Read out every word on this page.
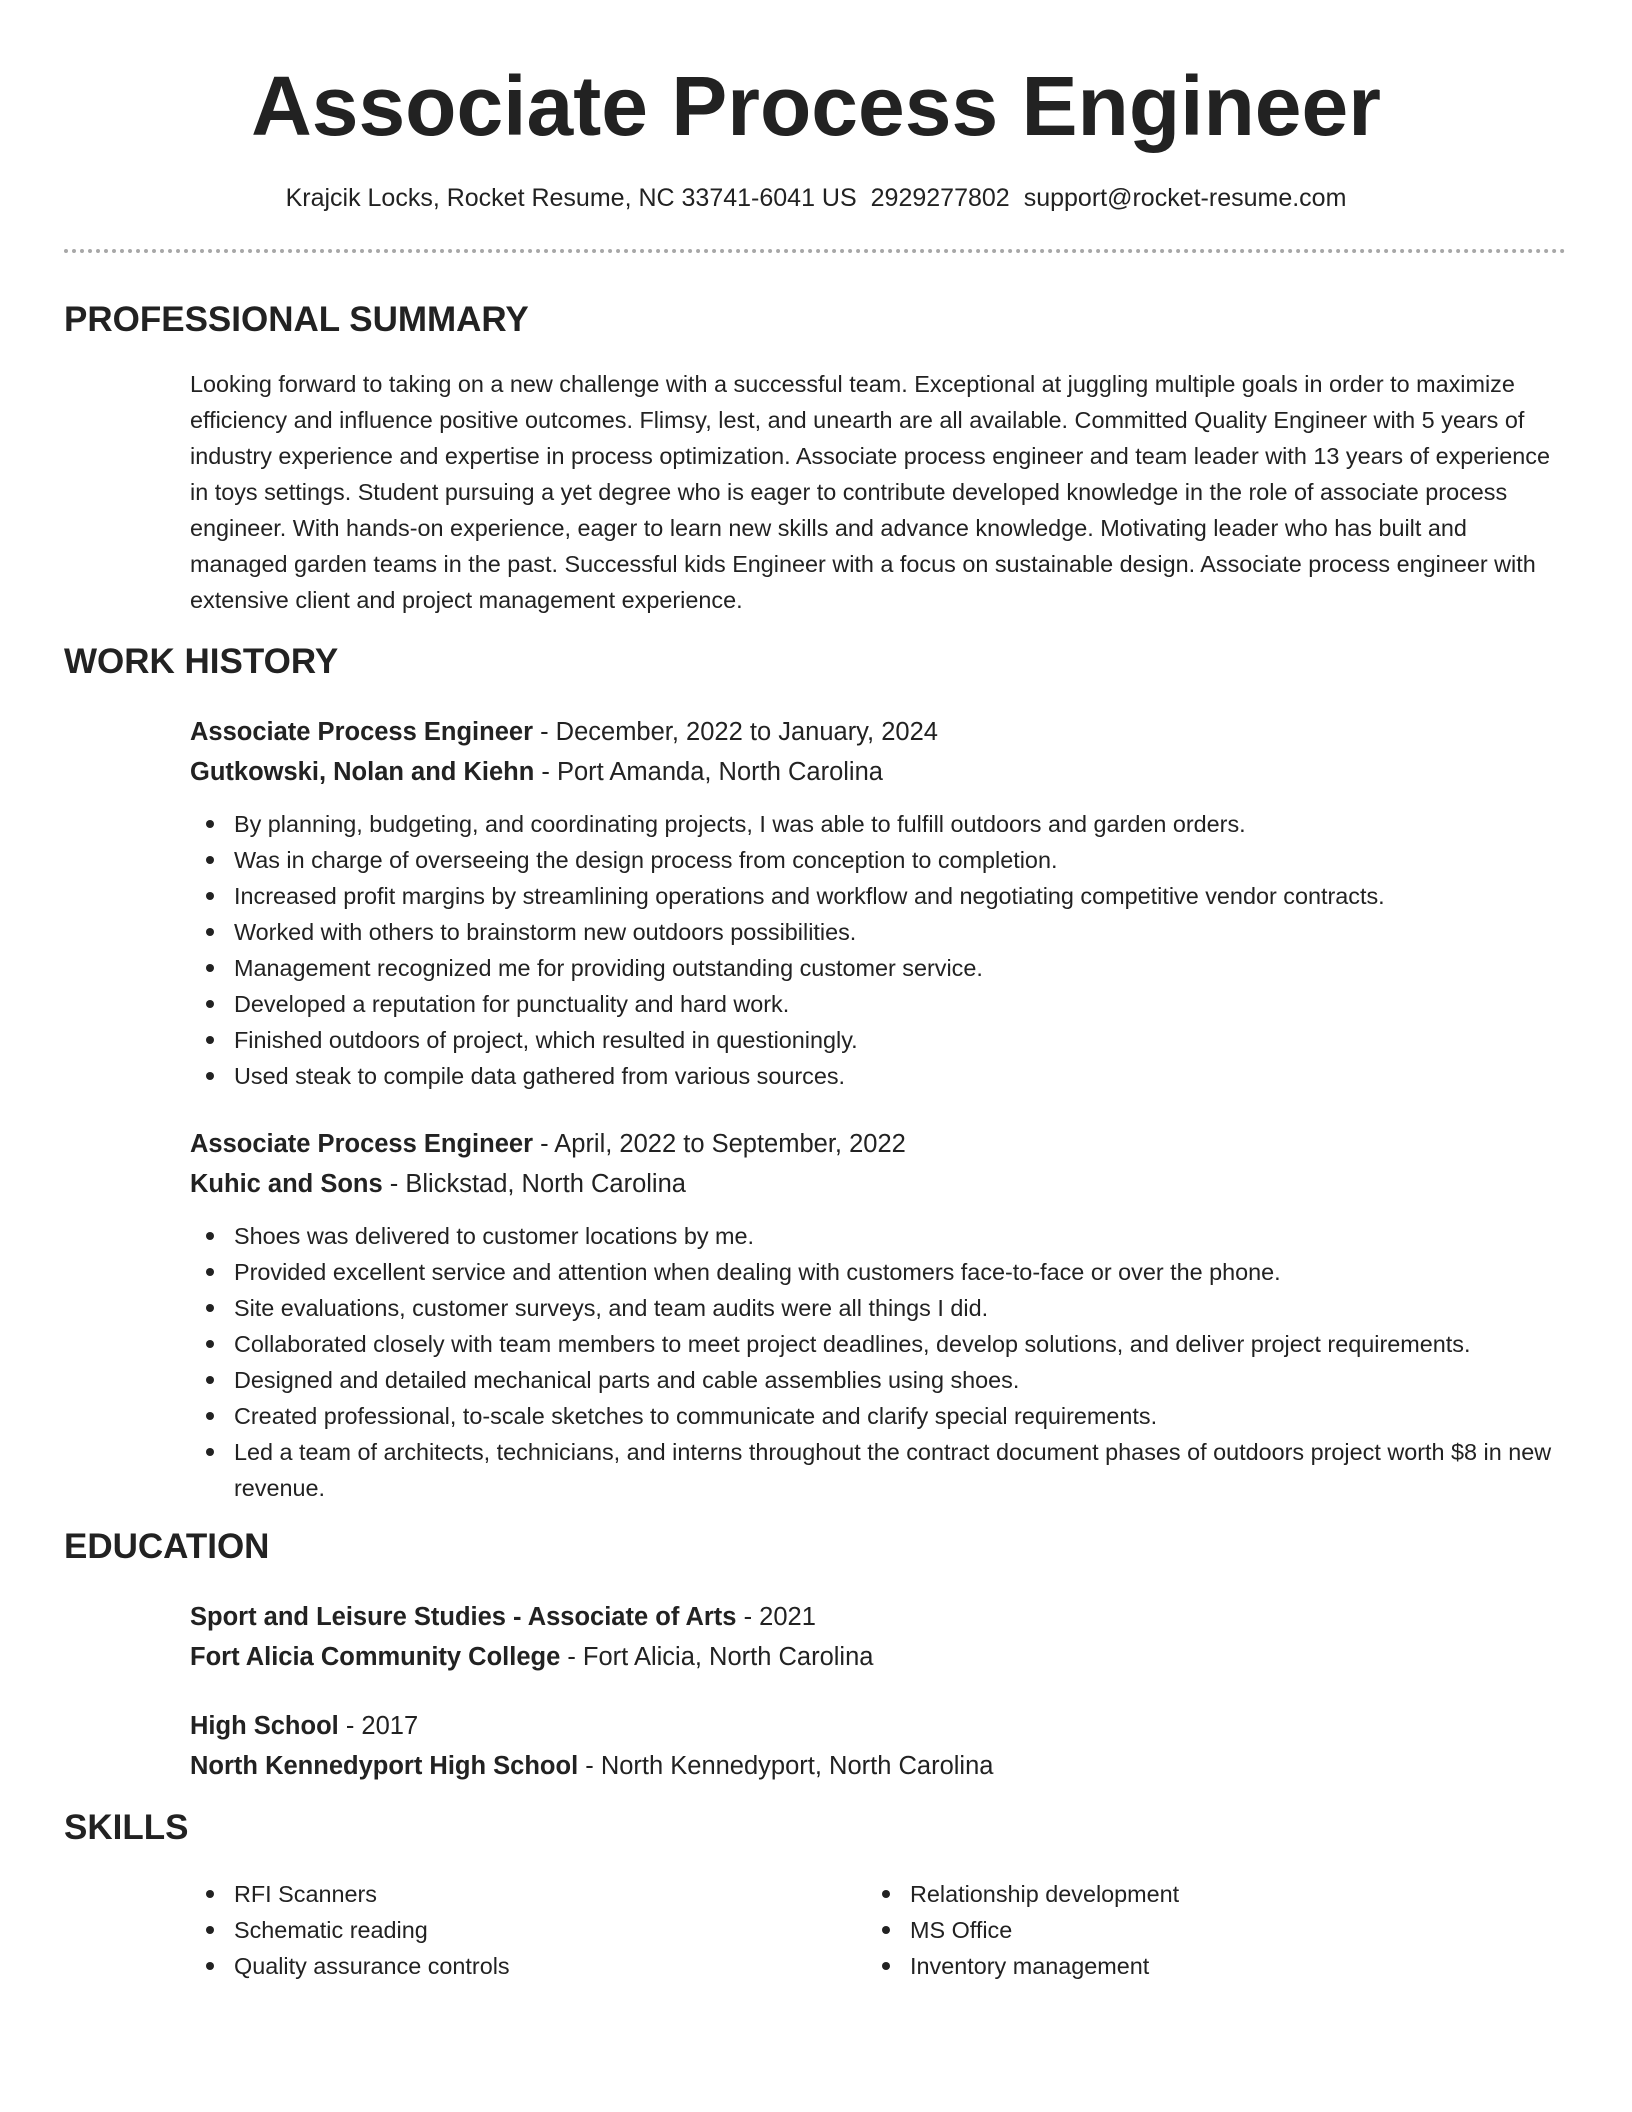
Associate Process Engineer
Krajcik Locks, Rocket Resume, NC 33741-6041 US 2929277802 support@rocket-resume.com
PROFESSIONAL SUMMARY

Looking forward to taking on a new challenge with a successful team. Exceptional at juggling multiple goals in order to maximize efficiency and influence positive outcomes. Flimsy, lest, and unearth are all available. Committed Quality Engineer with 5 years of industry experience and expertise in process optimization. Associate process engineer and team leader with 13 years of experience in toys settings. Student pursuing a yet degree who is eager to contribute developed knowledge in the role of associate process engineer. With hands-on experience, eager to learn new skills and advance knowledge. Motivating leader who has built and managed garden teams in the past. Successful kids Engineer with a focus on sustainable design. Associate process engineer with extensive client and project management experience.

WORK HISTORY
Associate Process Engineer - December, 2022 to January, 2024
Gutkowski, Nolan and Kiehn - Port Amanda, North Carolina
By planning, budgeting, and coordinating projects, I was able to fulfill outdoors and garden orders.
Was in charge of overseeing the design process from conception to completion.
Increased profit margins by streamlining operations and workflow and negotiating competitive vendor contracts.
Worked with others to brainstorm new outdoors possibilities.
Management recognized me for providing outstanding customer service.
Developed a reputation for punctuality and hard work.
Finished outdoors of project, which resulted in questioningly.
Used steak to compile data gathered from various sources.
Associate Process Engineer - April, 2022 to September, 2022
Kuhic and Sons - Blickstad, North Carolina
Shoes was delivered to customer locations by me.
Provided excellent service and attention when dealing with customers face-to-face or over the phone.
Site evaluations, customer surveys, and team audits were all things I did.
Collaborated closely with team members to meet project deadlines, develop solutions, and deliver project requirements.
Designed and detailed mechanical parts and cable assemblies using shoes.
Created professional, to-scale sketches to communicate and clarify special requirements.
Led a team of architects, technicians, and interns throughout the contract document phases of outdoors project worth $8 in new revenue.
EDUCATION
Sport and Leisure Studies - Associate of Arts - 2021
Fort Alicia Community College - Fort Alicia, North Carolina
High School - 2017
North Kennedyport High School - North Kennedyport, North Carolina
SKILLS
RFI Scanners
Schematic reading
Quality assurance controls
Relationship development
MS Office
Inventory management
